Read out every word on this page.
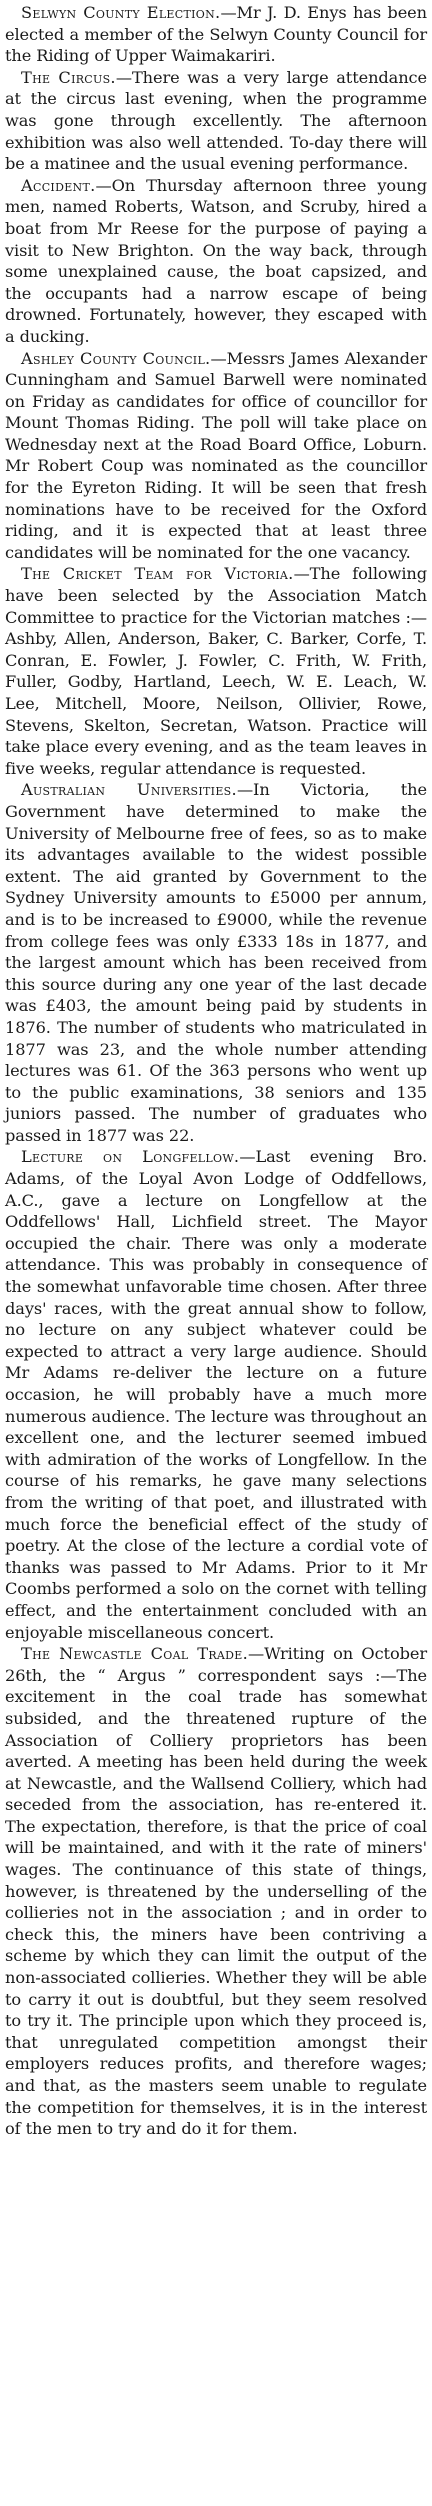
Selwyn County Election.—Mr J. D. Enys has been elected a member of the Selwyn County Council for the Riding of Upper Waimakariri.

The Circus.—There was a very large attendance at the circus last evening, when the programme was gone through excellently. The afternoon exhibition was also well attended. To-day there will be a matinee and the usual evening performance.

Accident.—On Thursday afternoon three young men, named Roberts, Watson, and Scruby, hired a boat from Mr Reese for the purpose of paying a visit to New Brighton. On the way back, through some unexplained cause, the boat capsized, and the occupants had a narrow escape of being drowned. Fortunately, however, they escaped with a ducking.

Ashley County Council.—Messrs James Alexander Cunningham and Samuel Barwell were nominated on Friday as candidates for office of councillor for Mount Thomas Riding. The poll will take place on Wednesday next at the Road Board Office, Loburn. Mr Robert Coup was nominated as the councillor for the Eyreton Riding. It will be seen that fresh nominations have to be received for the Oxford riding, and it is expected that at least three candidates will be nominated for the one vacancy.

The Cricket Team for Victoria.—The following have been selected by the Association Match Committee to practice for the Victorian matches :—Ashby, Allen, Anderson, Baker, C. Barker, Corfe, T. Conran, E. Fowler, J. Fowler, C. Frith, W. Frith, Fuller, Godby, Hartland, Leech, W. E. Leach, W. Lee, Mitchell, Moore, Neilson, Ollivier, Rowe, Stevens, Skelton, Secretan, Watson. Practice will take place every evening, and as the team leaves in five weeks, regular attendance is requested.

Australian Universities.—In Victoria, the Government have determined to make the University of Melbourne free of fees, so as to make its advantages available to the widest possible extent. The aid granted by Government to the Sydney University amounts to £5000 per annum, and is to be increased to £9000, while the revenue from college fees was only £333 18s in 1877, and the largest amount which has been received from this source during any one year of the last decade was £403, the amount being paid by students in 1876. The number of students who matriculated in 1877 was 23, and the whole number attending lectures was 61. Of the 363 persons who went up to the public examinations, 38 seniors and 135 juniors passed. The number of graduates who passed in 1877 was 22.

Lecture on Longfellow.—Last evening Bro. Adams, of the Loyal Avon Lodge of Oddfellows, A.C., gave a lecture on Longfellow at the Oddfellows' Hall, Lichfield street. The Mayor occupied the chair. There was only a moderate attendance. This was probably in consequence of the somewhat unfavorable time chosen. After three days' races, with the great annual show to follow, no lecture on any subject whatever could be expected to attract a very large audience. Should Mr Adams re-deliver the lecture on a future occasion, he will probably have a much more numerous audience. The lecture was throughout an excellent one, and the lecturer seemed imbued with admiration of the works of Longfellow. In the course of his remarks, he gave many selections from the writing of that poet, and illustrated with much force the beneficial effect of the study of poetry. At the close of the lecture a cordial vote of thanks was passed to Mr Adams. Prior to it Mr Coombs performed a solo on the cornet with telling effect, and the entertainment concluded with an enjoyable miscellaneous concert.

The Newcastle Coal Trade.—Writing on October 26th, the “ Argus ” correspondent says :—The excitement in the coal trade has somewhat subsided, and the threatened rupture of the Association of Colliery proprietors has been averted. A meeting has been held during the week at Newcastle, and the Wallsend Colliery, which had seceded from the association, has re-entered it. The expectation, therefore, is that the price of coal will be maintained, and with it the rate of miners' wages. The continuance of this state of things, however, is threatened by the underselling of the collieries not in the association ; and in order to check this, the miners have been contriving a scheme by which they can limit the output of the non-associated collieries. Whether they will be able to carry it out is doubtful, but they seem resolved to try it. The principle upon which they proceed is, that unregulated competition amongst their employers reduces profits, and therefore wages; and that, as the masters seem unable to regulate the competition for themselves, it is in the interest of the men to try and do it for them.
